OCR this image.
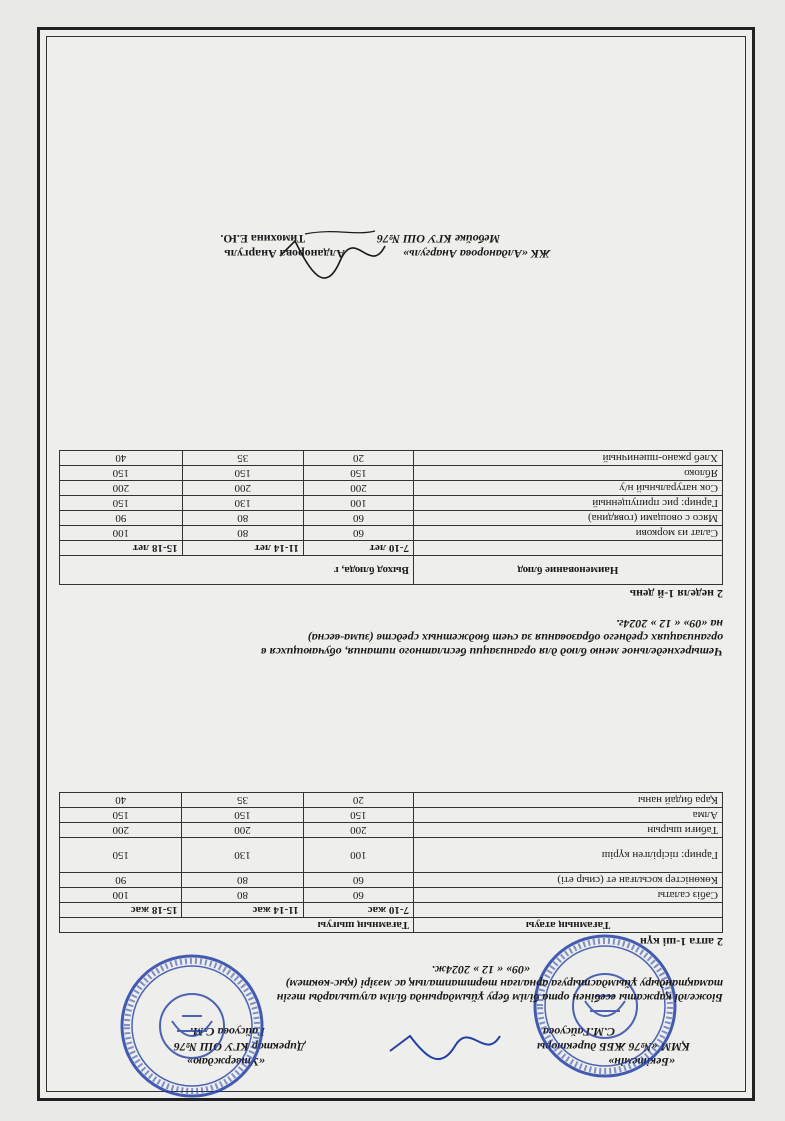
«Бекітемін»
ҚММ «№76 ЖББ директоры
С.М.Гайсуова
«Утверждаю»
Директор КГУ ОШ №76
Гайсуова С.М.
Біожелді қаржаты есебінен орта білім беру ұйымдарында білім алушыларды тегін
тамақтандыру ұйымдастыруға арналған төрттапталық ас мәзірі (қыс-көктем)
«09» « 12 » 2024ж.
2 апта 1-ші күн
Тағамның атауы	Тағамның шығуы		
	7-10 жас	11-14 жас	15-18 жас
Сәбіз салаты	60	80	100
Көкөністер косылған ет (сиыр еті)	60	80	90
Гарнир: пісірілген күріш	100	130	150
Табиғи шырын	200	200	200
Алма	150	150	150
Қара бидай наны	20	35	40
Четырехнедельное меню блюд для организации бесплатного питания, обучающихся в
организациях среднего образования за счет бюджетных средств (зима-весна)
на «09» « 12 » 2024г.
2 неделя 1-й день
Наименование блюд	Выход блюда, г		
	7-10 лет	11-14 лет	15-18 лет
Салат из моркови	60	80	100
Мясо с овощами (говядина)	60	80	90
Гарнир: рис припущенный	100	130	150
Сок натуральный н/у	200	200	200
Яблоко	150	150	150
Хлеб ржано-пшеничный	20	35	40
ЖК «Алданорова Анаргуль»
Мебойке КГУ ОШ №76
Алданорова Анаргуль
Тимохина Е.Ю.
